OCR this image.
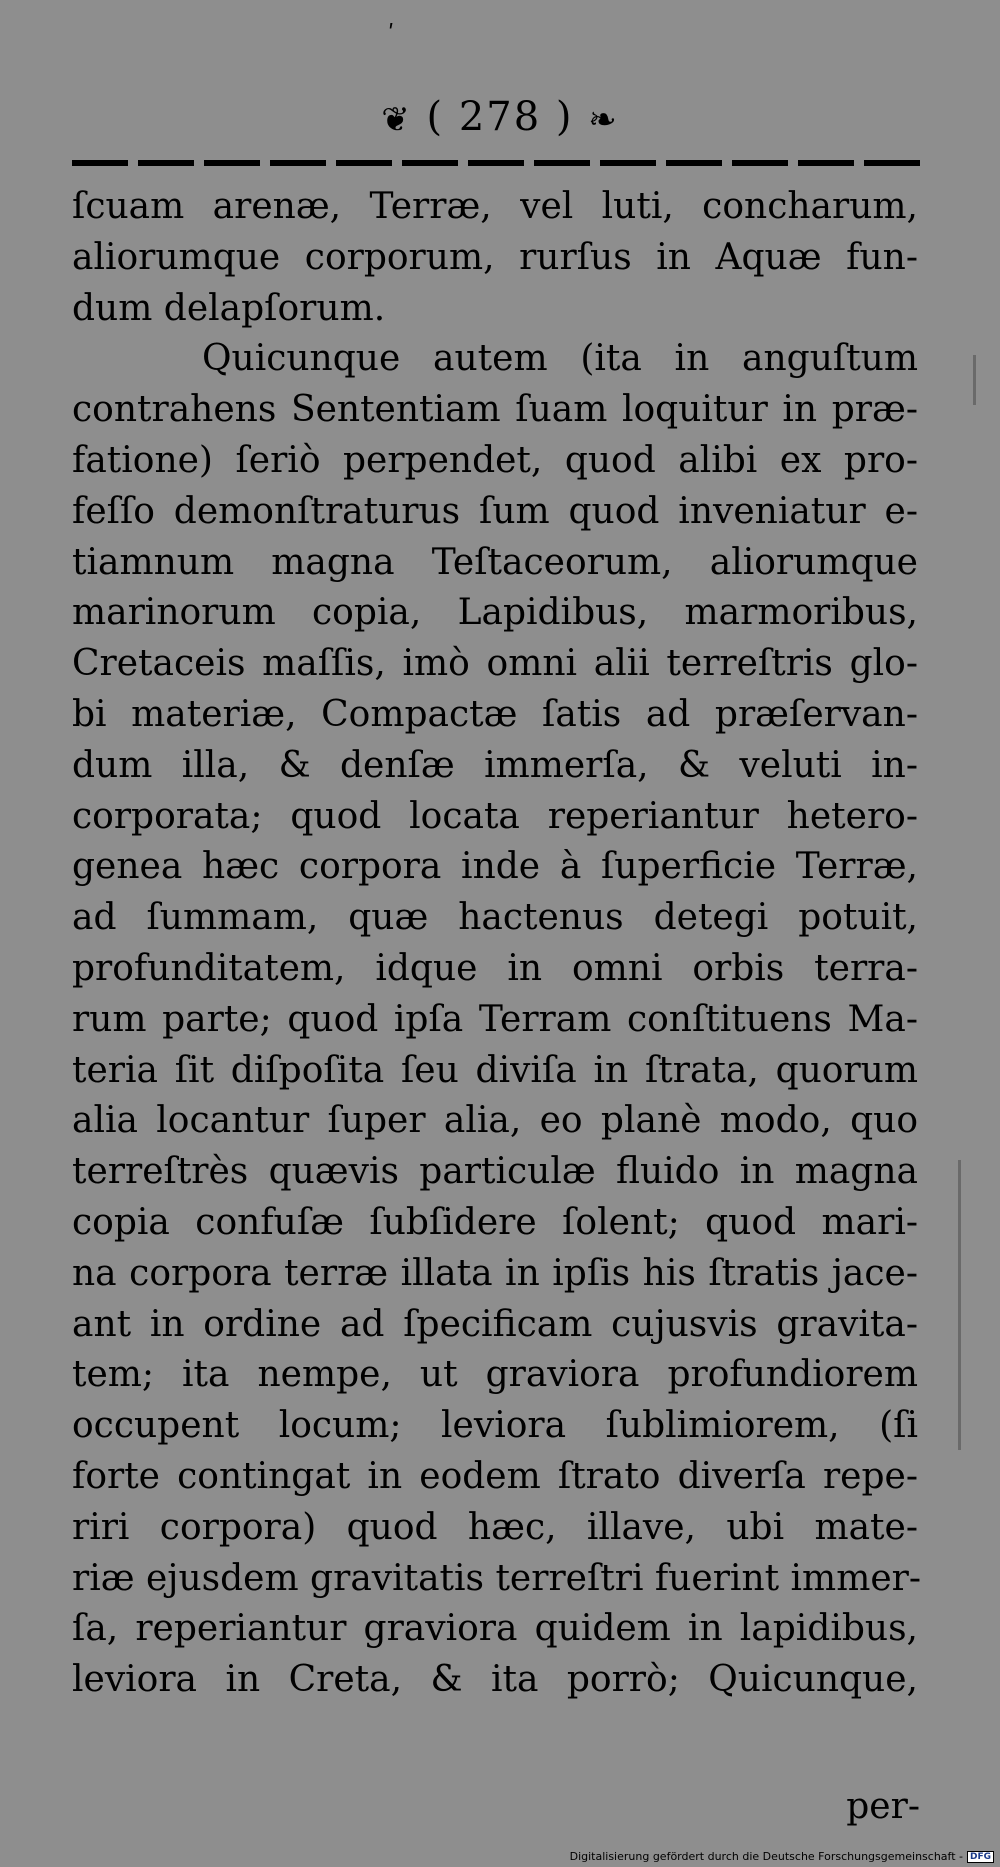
ʹ
❦ ( 278 ) ❧
ſcuam arenæ, Terræ, vel luti, concharum,
aliorumque corporum, rurſus in Aquæ fun-
dum delapſorum.
Quicunque autem (ita in anguſtum
contrahens Sententiam ſuam loquitur in præ-
fatione) ſeriò perpendet, quod alibi ex pro-
feſſo demonſtraturus ſum quod inveniatur e-
tiamnum magna Teſtaceorum, aliorumque
marinorum copia, Lapidibus, marmoribus,
Cretaceis maſſis, imò omni alii terreſtris glo-
bi materiæ, Compactæ ſatis ad præſervan-
dum illa, & denſæ immerſa, & veluti in-
corporata; quod locata reperiantur hetero-
genea hæc corpora inde à ſuperficie Terræ,
ad ſummam, quæ hactenus detegi potuit,
profunditatem, idque in omni orbis terra-
rum parte; quod ipſa Terram conſtituens Ma-
teria ſit diſpoſita ſeu diviſa in ſtrata, quorum
alia locantur ſuper alia, eo planè modo, quo
terreſtrès quævis particulæ fluido in magna
copia confuſæ ſubſidere ſolent; quod mari-
na corpora terræ illata in ipſis his ſtratis jace-
ant in ordine ad ſpecificam cujusvis gravita-
tem; ita nempe, ut graviora profundiorem
occupent locum; leviora ſublimiorem, (ſi
forte contingat in eodem ſtrato diverſa repe-
riri corpora) quod hæc, illave, ubi mate-
riæ ejusdem gravitatis terreſtri fuerint immer-
ſa, reperiantur graviora quidem in lapidibus,
leviora in Creta, & ita porrò; Quicunque,
per-
Digitalisierung gefördert durch die Deutsche Forschungsgemeinschaft - DFG
